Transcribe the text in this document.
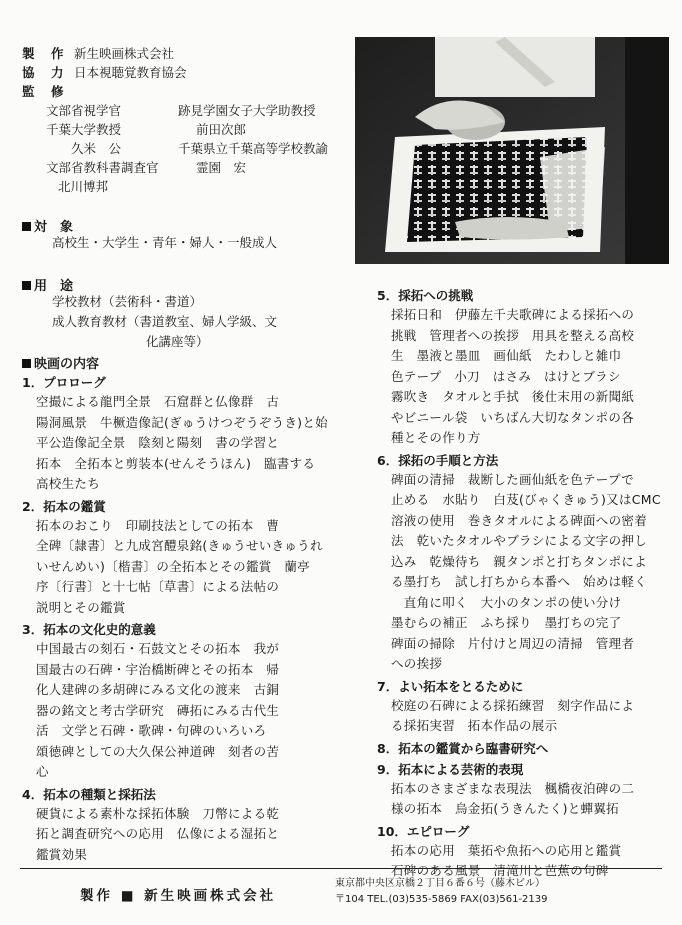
製　作 新生映画株式会社
協　力 日本視聴覚教育協会
監　修
文部省視学官	跡見学園女子大学助教授
千葉大学教授	前田次郎
久米　公	千葉県立千葉高等学校教諭
文部省教科書調査官	霊園　宏
北川博邦
対　象
高校生・大学生・青年・婦人・一般成人
用　途
学校教材（芸術科・書道）
成人教育教材（書道教室、婦人学級、文
化講座等）
映画の内容
1．プロローグ
空撮による龍門全景　石窟群と仏像群　古
陽洞風景　牛橛造像記(ぎゅうけつぞうぞうき)と始
平公造像記全景　陰刻と陽刻　書の学習と
拓本　全拓本と剪装本(せんそうほん)　臨書する
高校生たち
2．拓本の鑑賞
拓本のおこり　印刷技法としての拓本　曹
全碑〔隷書〕と九成宮醴泉銘(きゅうせいきゅうれ
いせんめい)〔楷書〕の全拓本とその鑑賞　蘭亭
序〔行書〕と十七帖〔草書〕による法帖の
説明とその鑑賞
3．拓本の文化史的意義
中国最古の刻石・石鼓文とその拓本　我が
国最古の石碑・宇治橋断碑とその拓本　帰
化人建碑の多胡碑にみる文化の渡来　古銅
器の銘文と考古学研究　磚拓にみる古代生
活　文学と石碑・歌碑・句碑のいろいろ
頌徳碑としての大久保公神道碑　刻者の苦
心
4．拓本の種類と採拓法
硬貨による素朴な採拓体験　刀幣による乾
拓と調査研究への応用　仏像による湿拓と
鑑賞効果
5．採拓への挑戦
採拓日和　伊藤左千夫歌碑による採拓への
挑戦　管理者への挨拶　用具を整える高校
生　墨液と墨皿　画仙紙　たわしと雑巾
色テープ　小刀　はさみ　はけとブラシ
霧吹き　タオルと手拭　後仕末用の新聞紙
やビニール袋　いちばん大切なタンポの各
種とその作り方
6．採拓の手順と方法
碑面の清掃　裁断した画仙紙を色テープで
止める　水貼り　白芨(びゃくきゅう)又はCMC
溶液の使用　巻きタオルによる碑面への密着
法　乾いたタオルやブラシによる文字の押し
込み　乾燥待ち　親タンポと打ちタンポによ
る墨打ち　試し打ちから本番へ　始めは軽く
　直角に叩く　大小のタンポの使い分け
墨むらの補正　ふち採り　墨打ちの完了
碑面の掃除　片付けと周辺の清掃　管理者
への挨拶
7．よい拓本をとるために
校庭の石碑による採拓練習　刻字作品によ
る採拓実習　拓本作品の展示
8．拓本の鑑賞から臨書研究へ
9．拓本による芸術的表現
拓本のさまざまな表現法　楓橋夜泊碑の二
様の拓本　烏金拓(うきんたく)と蟬翼拓
10．エピローグ
拓本の応用　葉拓や魚拓への応用と鑑賞
石碑のある風景　清滝川と芭蕉の句碑
製作 ■ 新生映画株式会社
東京都中央区京橋２丁目６番６号（藤木ビル）
〒104 TEL.(03)535-5869 FAX(03)561-2139
